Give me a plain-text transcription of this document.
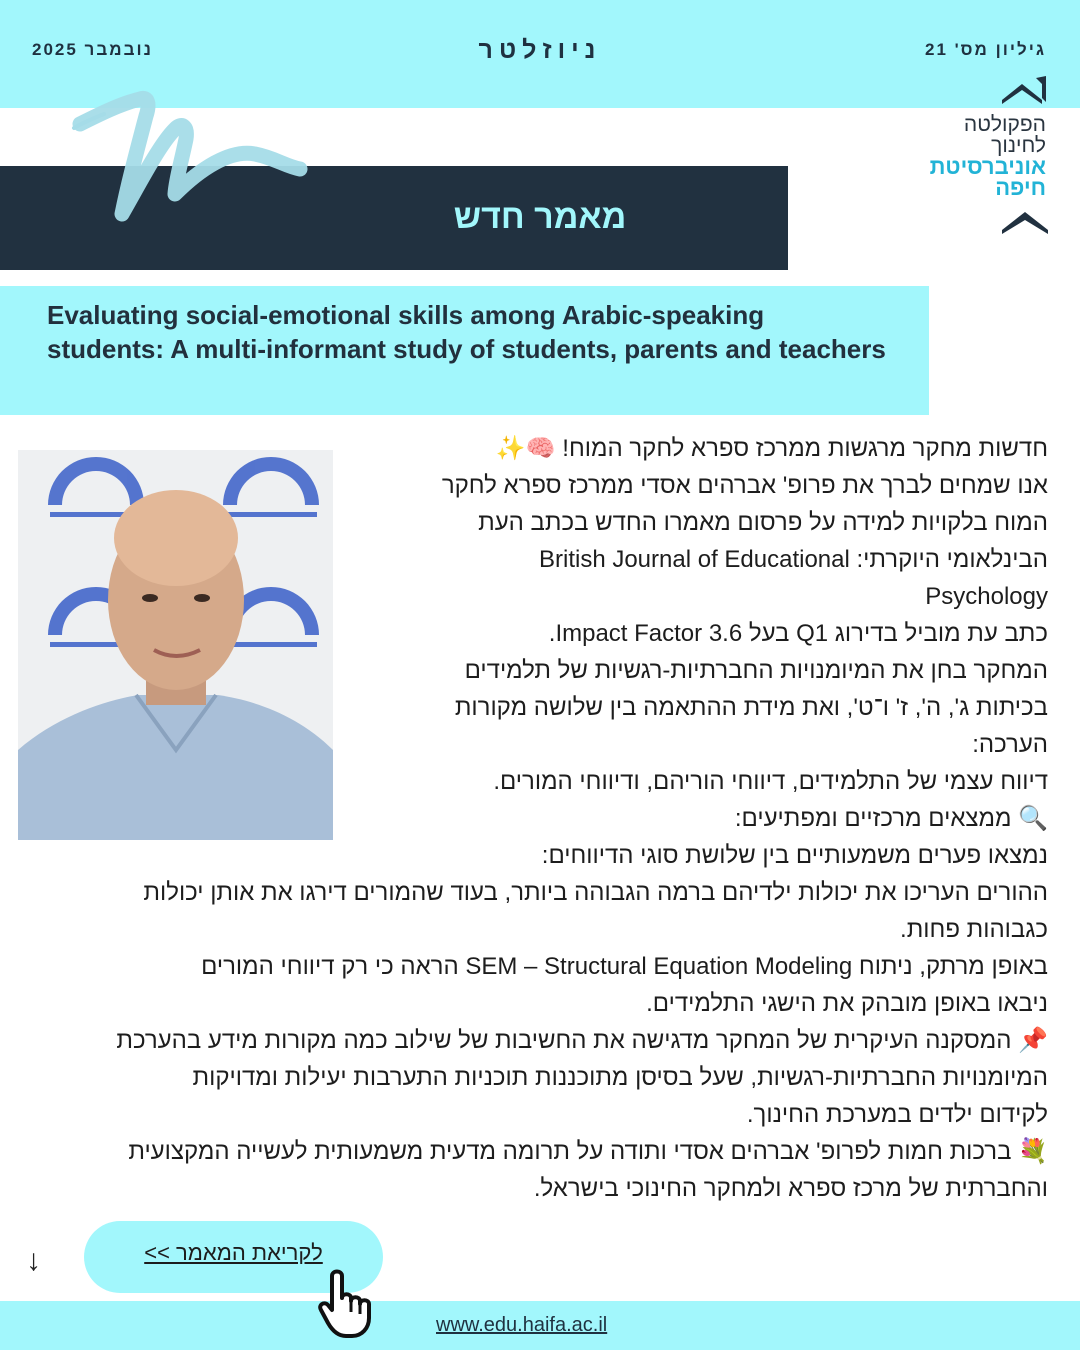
גיליון מס' 21
ניוזלטר
נובמבר 2025
הפקולטה
לחינוך
אוניברסיטת
חיפה
מאמר חדש

Evaluating social-emotional skills among Arabic-speaking students: A multi-informant study of students, parents and teachers

חדשות מחקר מרגשות ממרכז ספרא לחקר המוח! 🧠✨
אנו שמחים לברך את פרופ' אברהים אסדי ממרכז ספרא לחקר
המוח בלקויות למידה על פרסום מאמרו החדש בכתב העת
הבינלאומי היוקרתי: British Journal of Educational
Psychology
כתב עת מוביל בדירוג Q1 בעל Impact Factor 3.6.
המחקר בחן את המיומנויות החברתיות-רגשיות של תלמידים
בכיתות ג', ה', ז' ו־ט', ואת מידת ההתאמה בין שלושה מקורות
הערכה:
דיווח עצמי של התלמידים, דיווחי הוריהם, ודיווחי המורים.
🔍 ממצאים מרכזיים ומפתיעים:
נמצאו פערים משמעותיים בין שלושת סוגי הדיווחים:
ההורים העריכו את יכולות ילדיהם ברמה הגבוהה ביותר, בעוד שהמורים דירגו את אותן יכולות
כגבוהות פחות.
באופן מרתק, ניתוח SEM – Structural Equation Modeling הראה כי רק דיווחי המורים
ניבאו באופן מובהק את הישגי התלמידים.
📌 המסקנה העיקרית של המחקר מדגישה את החשיבות של שילוב כמה מקורות מידע בהערכת
המיומנויות החברתיות-רגשיות, שעל בסיסן מתוכננות תוכניות התערבות יעילות ומדויקות
לקידום ילדים במערכת החינוך.
💐 ברכות חמות לפרופ' אברהים אסדי ותודה על תרומה מדעית משמעותית לעשייה המקצועית
והחברתית של מרכז ספרא ולמחקר החינוכי בישראל.
↓	לקריאת המאמר >>
www.edu.haifa.ac.il
